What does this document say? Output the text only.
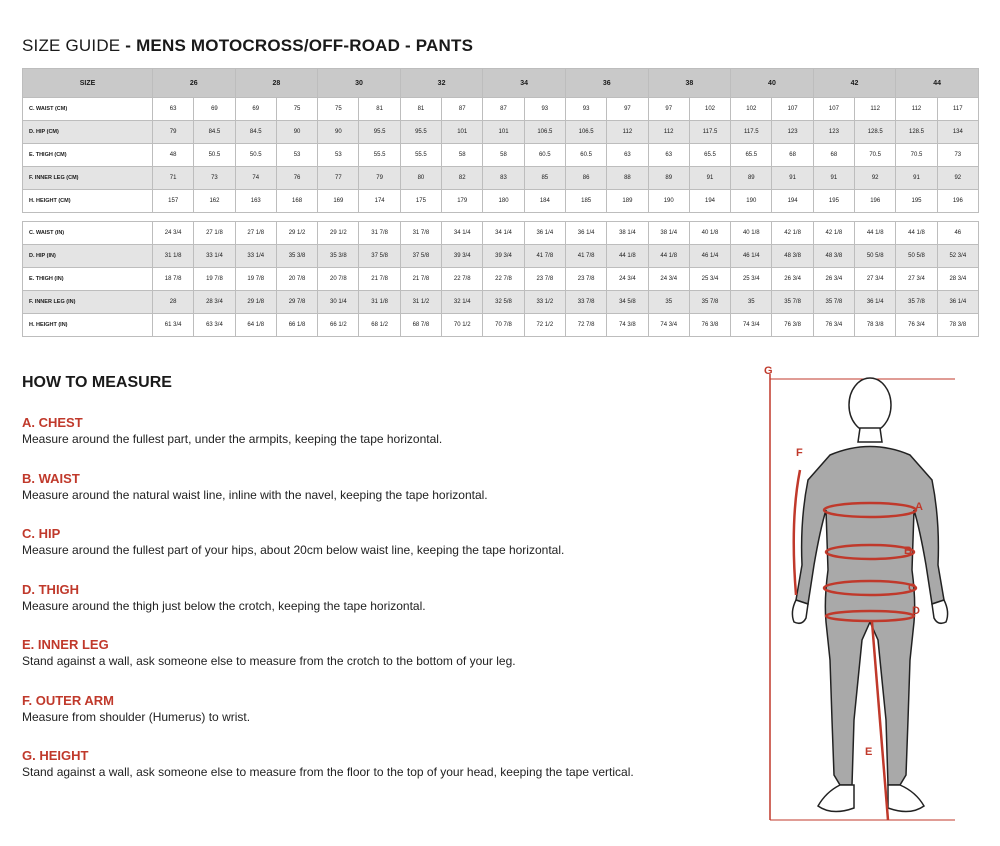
SIZE GUIDE - MENS MOTOCROSS/OFF-ROAD - PANTS
SIZE	26		28		30		32		34		36		38		40		42		44	
C. WAIST (CM)	63	69	69	75	75	81	81	87	87	93	93	97	97	102	102	107	107	112	112	117
D. HIP (CM)	79	84.5	84.5	90	90	95.5	95.5	101	101	106.5	106.5	112	112	117.5	117.5	123	123	128.5	128.5	134
E. THIGH (CM)	48	50.5	50.5	53	53	55.5	55.5	58	58	60.5	60.5	63	63	65.5	65.5	68	68	70.5	70.5	73
F. INNER LEG (CM)	71	73	74	76	77	79	80	82	83	85	86	88	89	91	89	91	91	92	91	92
H. HEIGHT (CM)	157	162	163	168	169	174	175	179	180	184	185	189	190	194	190	194	195	196	195	196

C. WAIST (IN)	24 3/4	27 1/8	27 1/8	29 1/2	29 1/2	31 7/8	31 7/8	34 1/4	34 1/4	36 1/4	36 1/4	38 1/4	38 1/4	40 1/8	40 1/8	42 1/8	42 1/8	44 1/8	44 1/8	46
D. HIP (IN)	31 1/8	33 1/4	33 1/4	35 3/8	35 3/8	37 5/8	37 5/8	39 3/4	39 3/4	41 7/8	41 7/8	44 1/8	44 1/8	46 1/4	46 1/4	48 3/8	48 3/8	50 5/8	50 5/8	52 3/4
E. THIGH (IN)	18 7/8	19 7/8	19 7/8	20 7/8	20 7/8	21 7/8	21 7/8	22 7/8	22 7/8	23 7/8	23 7/8	24 3/4	24 3/4	25 3/4	25 3/4	26 3/4	26 3/4	27 3/4	27 3/4	28 3/4
F. INNER LEG (IN)	28	28 3/4	29 1/8	29 7/8	30 1/4	31 1/8	31 1/2	32 1/4	32 5/8	33 1/2	33 7/8	34 5/8	35	35 7/8	35	35 7/8	35 7/8	36 1/4	35 7/8	36 1/4
H. HEIGHT (IN)	61 3/4	63 3/4	64 1/8	66 1/8	66 1/2	68 1/2	68 7/8	70 1/2	70 7/8	72 1/2	72 7/8	74 3/8	74 3/4	76 3/8	74 3/4	76 3/8	76 3/4	78 3/8	76 3/4	78 3/8
HOW TO MEASURE
A. CHEST
Measure around the fullest part, under the armpits, keeping the tape horizontal.
B. WAIST
Measure around the natural waist line, inline with the navel, keeping the tape horizontal.
C. HIP
Measure around the fullest part of your hips, about 20cm below waist line, keeping the tape horizontal.
D. THIGH
Measure around the thigh just below the crotch, keeping the tape horizontal.
E. INNER LEG
Stand against a wall, ask someone else to measure from the crotch to the bottom of your leg.
F. OUTER ARM
Measure from shoulder (Humerus) to wrist.
G. HEIGHT
Stand against a wall, ask someone else to measure from the floor to the top of your head, keeping the tape vertical.
G
A
B
C
D
E
F
